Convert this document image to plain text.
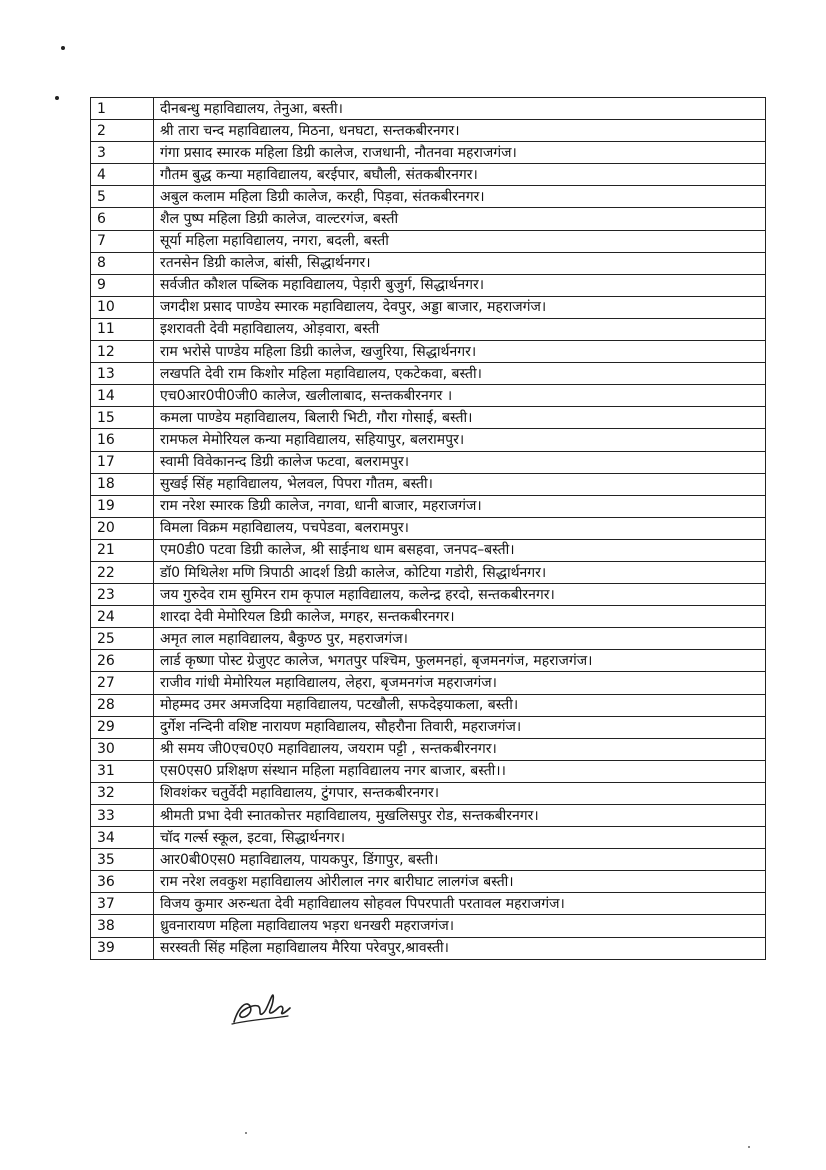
1	दीनबन्धु महाविद्यालय, तेनुआ, बस्ती।
2	श्री तारा चन्द महाविद्यालय, मिठना, धनघटा, सन्तकबीरनगर।
3	गंगा प्रसाद स्मारक महिला डिग्री कालेज, राजधानी, नौतनवा महराजगंज।
4	गौतम बुद्ध कन्या महाविद्यालय, बरईपार, बघौली, संतकबीरनगर।
5	अबुल कलाम महिला डिग्री कालेज, करही, पिड़वा, संतकबीरनगर।
6	शैल पुष्प महिला डिग्री कालेज, वाल्टरगंज, बस्ती
7	सूर्या महिला महाविद्यालय, नगरा, बदली, बस्ती
8	रतनसेन डिग्री कालेज, बांसी, सिद्धार्थनगर।
9	सर्वजीत कौशल पब्लिक महाविद्यालय, पेड़ारी बुजुर्ग, सिद्धार्थनगर।
10	जगदीश प्रसाद पाण्डेय स्मारक महाविद्यालय, देवपुर, अड्डा बाजार, महराजगंज।
11	इशरावती देवी महाविद्यालय, ओड़वारा, बस्ती
12	राम भरोसे पाण्डेय महिला डिग्री कालेज, खजुरिया, सिद्धार्थनगर।
13	लखपति देवी राम किशोर महिला महाविद्यालय, एकटेकवा, बस्ती।
14	एच0आर0पी0जी0 कालेज, खलीलाबाद, सन्तकबीरनगर ।
15	कमला पाण्डेय महाविद्यालय, बिलारी भिटी, गौरा गोसाई, बस्ती।
16	रामफल मेमोरियल कन्या महाविद्यालय, सहियापुर, बलरामपुर।
17	स्वामी विवेकानन्द डिग्री कालेज फटवा, बलरामपुर।
18	सुखई सिंह महाविद्यालय, भेलवल, पिपरा गौतम, बस्ती।
19	राम नरेश स्मारक डिग्री कालेज, नगवा, धानी बाजार, महराजगंज।
20	विमला विक्रम महाविद्यालय, पचपेडवा, बलरामपुर।
21	एम0डी0 पटवा डिग्री कालेज, श्री साईनाथ धाम बसहवा, जनपद–बस्ती।
22	डॉ0 मिथिलेश मणि त्रिपाठी आदर्श डिग्री कालेज, कोटिया गडोरी, सिद्धार्थनगर।
23	जय गुरुदेव राम सुमिरन राम कृपाल महाविद्यालय, कलेन्द्र हरदो, सन्तकबीरनगर।
24	शारदा देवी मेमोरियल डिग्री कालेज, मगहर, सन्तकबीरनगर।
25	अमृत लाल महाविद्यालय, बैकुण्ठ पुर, महराजगंज।
26	लार्ड कृष्णा पोस्ट ग्रेजुएट कालेज, भगतपुर पश्चिम, फुलमनहां, बृजमनगंज, महराजगंज।
27	राजीव गांधी मेमोरियल महाविद्यालय, लेहरा, बृजमनगंज महराजगंज।
28	मोहम्मद उमर अमजदिया महाविद्यालय, पटखौली, सफदेइयाकला, बस्ती।
29	दुर्गेश नन्दिनी वशिष्ट नारायण महाविद्यालय, सौहरौना तिवारी, महराजगंज।
30	श्री समय जी0एच0ए0 महाविद्यालय, जयराम पट्टी , सन्तकबीरनगर।
31	एस0एस0 प्रशिक्षण संस्थान महिला महाविद्यालय नगर बाजार, बस्ती।।
32	शिवशंकर चतुर्वेदी महाविद्यालय, टुंगपार, सन्तकबीरनगर।
33	श्रीमती प्रभा देवी स्नातकोत्तर महाविद्यालय, मुखलिसपुर रोड, सन्तकबीरनगर।
34	चॉद गर्ल्स स्कूल, इटवा, सिद्धार्थनगर।
35	आर0बी0एस0 महाविद्यालय, पायकपुर, डिंगापुर, बस्ती।
36	राम नरेश लवकुश महाविद्यालय ओरीलाल नगर बारीघाट लालगंज बस्ती।
37	विजय कुमार अरुन्धता देवी महाविद्यालय सोहवल पिपरपाती परतावल महराजगंज।
38	ध्रुवनारायण महिला महाविद्यालय भड़रा धनखरी महराजगंज।
39	सरस्वती सिंह महिला महाविद्यालय मैरिया परेवपुर,श्रावस्ती।
